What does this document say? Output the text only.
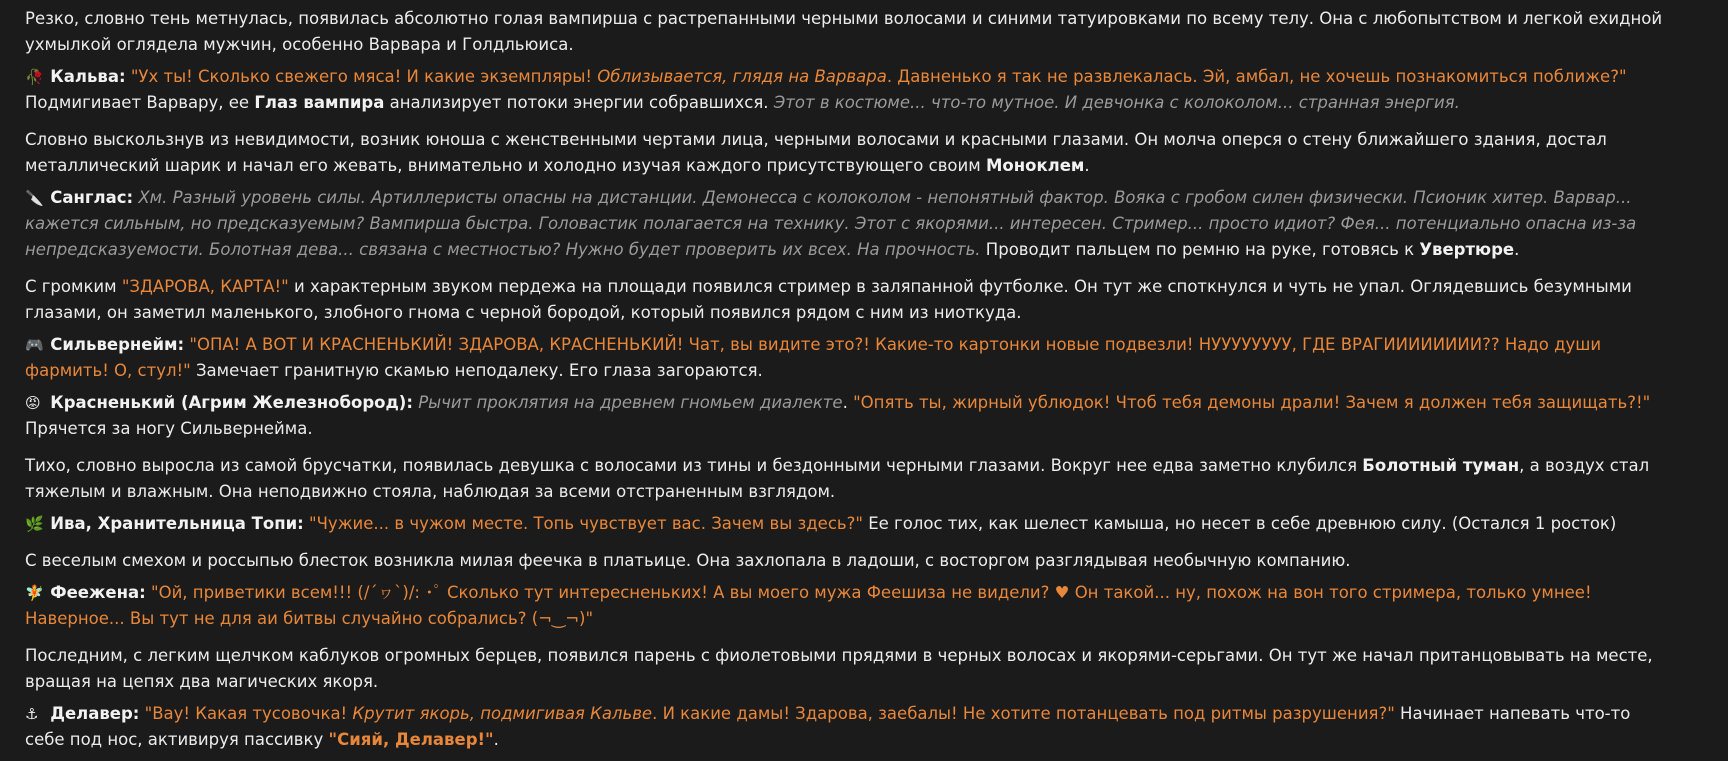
Резко, словно тень метнулась, появилась абсолютно голая вампирша с растрепанными черными волосами и синими татуировками по всему телу. Она с любопытством и легкой ехидной ухмылкой оглядела мужчин, особенно Варвара и Голдльюиса.

🥀 Кальва: "Ух ты! Сколько свежего мяса! И какие экземпляры! Облизывается, глядя на Варвара. Давненько я так не развлекалась. Эй, амбал, не хочешь познакомиться поближе?" Подмигивает Варвару, ее Глаз вампира анализирует потоки энергии собравшихся. Этот в костюме... что-то мутное. И девчонка с колоколом... странная энергия.

Словно выскользнув из невидимости, возник юноша с женственными чертами лица, черными волосами и красными глазами. Он молча оперся о стену ближайшего здания, достал металлический шарик и начал его жевать, внимательно и холодно изучая каждого присутствующего своим Моноклем.

🔪 Санглас: Хм. Разный уровень силы. Артиллеристы опасны на дистанции. Демонесса с колоколом - непонятный фактор. Вояка с гробом силен физически. Псионик хитер. Варвар... кажется сильным, но предсказуемым? Вампирша быстра. Головастик полагается на технику. Этот с якорями... интересен. Стример... просто идиот? Фея... потенциально опасна из-за непредсказуемости. Болотная дева... связана с местностью? Нужно будет проверить их всех. На прочность. Проводит пальцем по ремню на руке, готовясь к Увертюре.

С громким "ЗДАРОВА, КАРТА!" и характерным звуком пердежа на площади появился стример в заляпанной футболке. Он тут же споткнулся и чуть не упал. Оглядевшись безумными глазами, он заметил маленького, злобного гнома с черной бородой, который появился рядом с ним из ниоткуда.

🎮 Сильвернейм: "ОПА! А ВОТ И КРАСНЕНЬКИЙ! ЗДАРОВА, КРАСНЕНЬКИЙ! Чат, вы видите это?! Какие-то картонки новые подвезли! НУУУУУУУУ, ГДЕ ВРАГИИИИИИИИ?? Надо души фармить! О, стул!" Замечает гранитную скамью неподалеку. Его глаза загораются.

😡 Красненький (Агрим Железнобород): Рычит проклятия на древнем гномьем диалекте. "Опять ты, жирный ублюдок! Чтоб тебя демоны драли! Зачем я должен тебя защищать?!" Прячется за ногу Сильвернейма.

Тихо, словно выросла из самой брусчатки, появилась девушка с волосами из тины и бездонными черными глазами. Вокруг нее едва заметно клубился Болотный туман, а воздух стал тяжелым и влажным. Она неподвижно стояла, наблюдая за всеми отстраненным взглядом.

🌿 Ива, Хранительница Топи: "Чужие... в чужом месте. Топь чувствует вас. Зачем вы здесь?" Ее голос тих, как шелест камыша, но несет в себе древнюю силу. (Остался 1 росток)

С веселым смехом и россыпью блесток возникла милая феечка в платьице. Она захлопала в ладоши, с восторгом разглядывая необычную компанию.

🧚 Феежена: "Ой, приветики всем!!! (/´ヮ`)/: ･ﾟ Сколько тут интересненьких! А вы моего мужа Феешиза не видели? ♥ Он такой... ну, похож на вон того стримера, только умнее! Наверное... Вы тут не для аи битвы случайно собрались? (¬‿¬)"

Последним, с легким щелчком каблуков огромных берцев, появился парень с фиолетовыми прядями в черных волосах и якорями-серьгами. Он тут же начал пританцовывать на месте, вращая на цепях два магических якоря.

⚓ Делавер: "Вау! Какая тусовочка! Крутит якорь, подмигивая Кальве. И какие дамы! Здарова, заебалы! Не хотите потанцевать под ритмы разрушения?" Начинает напевать что-то себе под нос, активируя пассивку "Сияй, Делавер!".
